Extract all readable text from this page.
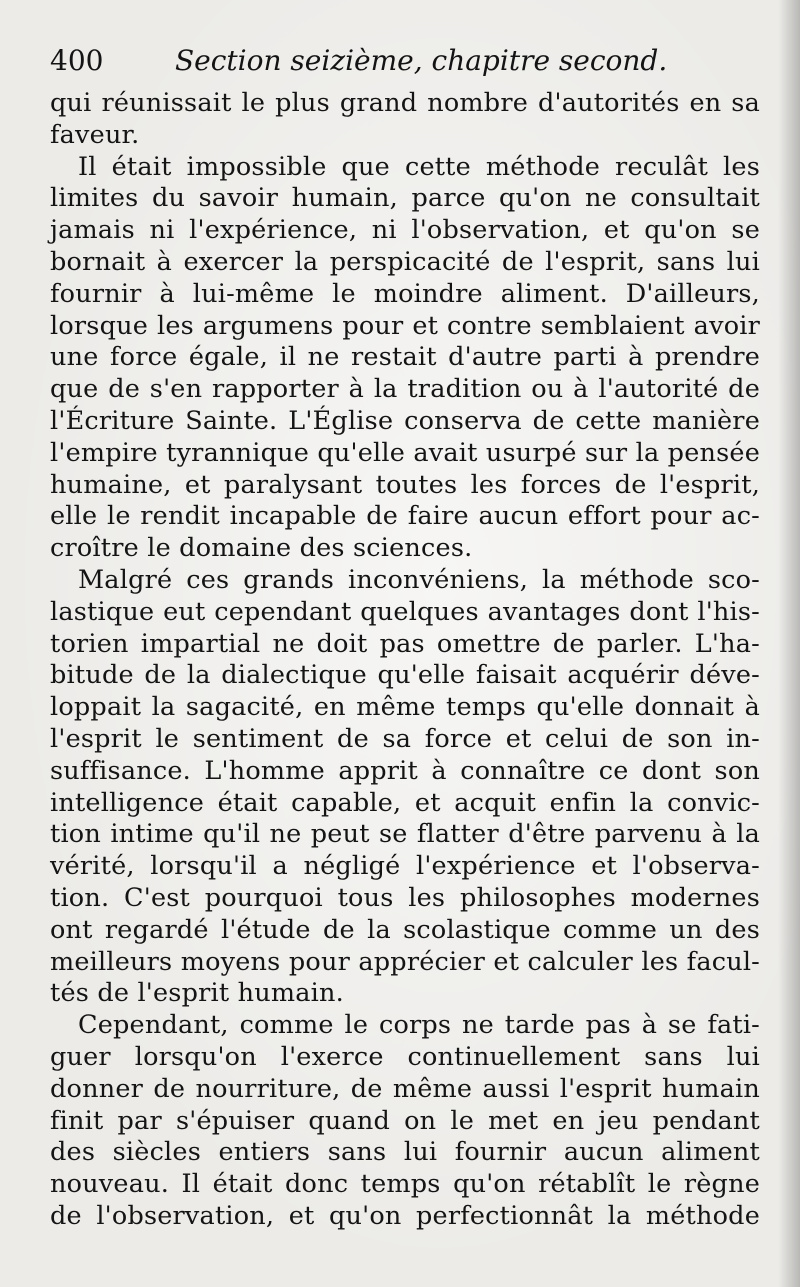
400	Section seizième, chapitre second.
qui réunissait le plus grand nombre d'autorités en sa
faveur.
Il était impossible que cette méthode reculât les
limites du savoir humain, parce qu'on ne consultait
jamais ni l'expérience, ni l'observation, et qu'on se
bornait à exercer la perspicacité de l'esprit, sans lui
fournir à lui-même le moindre aliment. D'ailleurs,
lorsque les argumens pour et contre semblaient avoir
une force égale, il ne restait d'autre parti à prendre
que de s'en rapporter à la tradition ou à l'autorité de
l'Écriture Sainte. L'Église conserva de cette manière
l'empire tyrannique qu'elle avait usurpé sur la pensée
humaine, et paralysant toutes les forces de l'esprit,
elle le rendit incapable de faire aucun effort pour ac-
croître le domaine des sciences.
Malgré ces grands inconvéniens, la méthode sco-
lastique eut cependant quelques avantages dont l'his-
torien impartial ne doit pas omettre de parler. L'ha-
bitude de la dialectique qu'elle faisait acquérir déve-
loppait la sagacité, en même temps qu'elle donnait à
l'esprit le sentiment de sa force et celui de son in-
suffisance. L'homme apprit à connaître ce dont son
intelligence était capable, et acquit enfin la convic-
tion intime qu'il ne peut se flatter d'être parvenu à la
vérité, lorsqu'il a négligé l'expérience et l'observa-
tion. C'est pourquoi tous les philosophes modernes
ont regardé l'étude de la scolastique comme un des
meilleurs moyens pour apprécier et calculer les facul-
tés de l'esprit humain.
Cependant, comme le corps ne tarde pas à se fati-
guer lorsqu'on l'exerce continuellement sans lui
donner de nourriture, de même aussi l'esprit humain
finit par s'épuiser quand on le met en jeu pendant
des siècles entiers sans lui fournir aucun aliment
nouveau. Il était donc temps qu'on rétablît le règne
de l'observation, et qu'on perfectionnât la méthode
